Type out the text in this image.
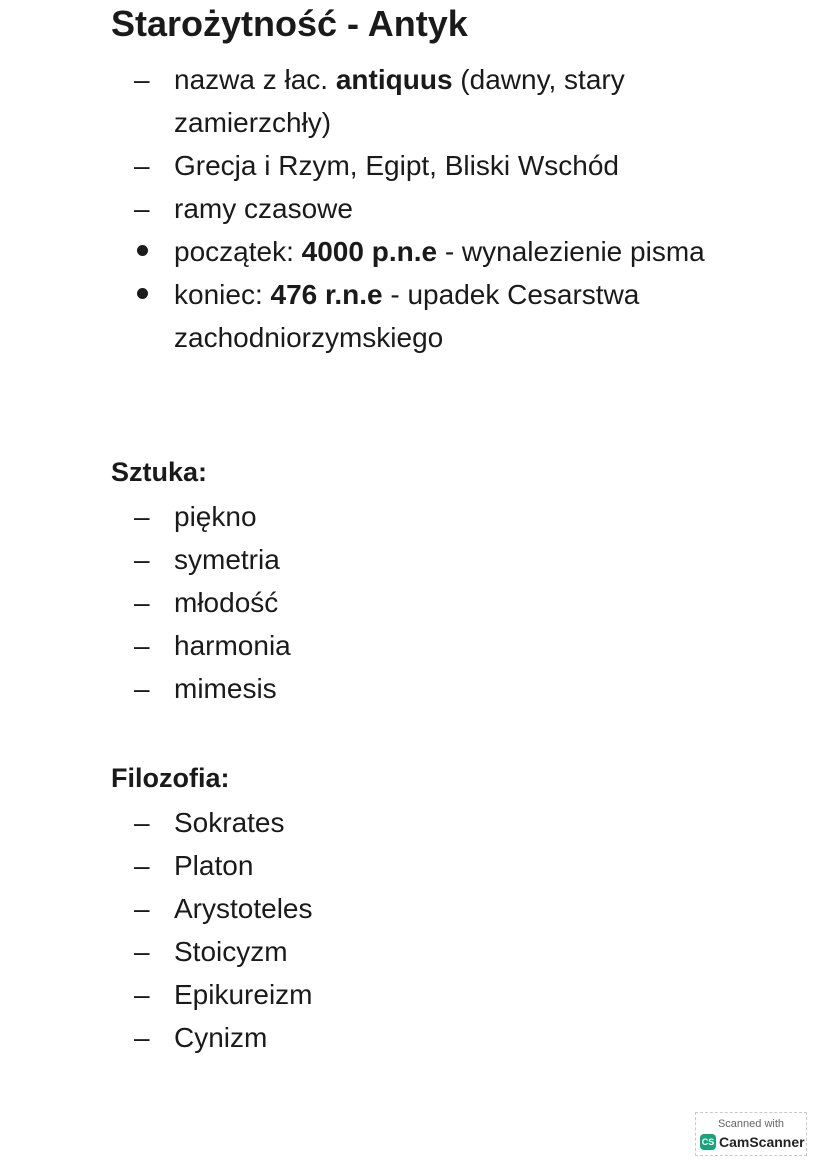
Starożytność - Antyk
– nazwa z łac. antiquus (dawny, stary zamierzchły)
– Grecja i Rzym, Egipt, Bliski Wschód
– ramy czasowe
początek: 4000 p.n.e - wynalezienie pisma
koniec: 476 r.n.e - upadek Cesarstwa zachodniorzymskiego
Sztuka:
– piękno
– symetria
– młodość
– harmonia
– mimesis
Filozofia:
– Sokrates
– Platon
– Arystoteles
– Stoicyzm
– Epikureizm
– Cynizm
Scanned with
CS CamScanner
